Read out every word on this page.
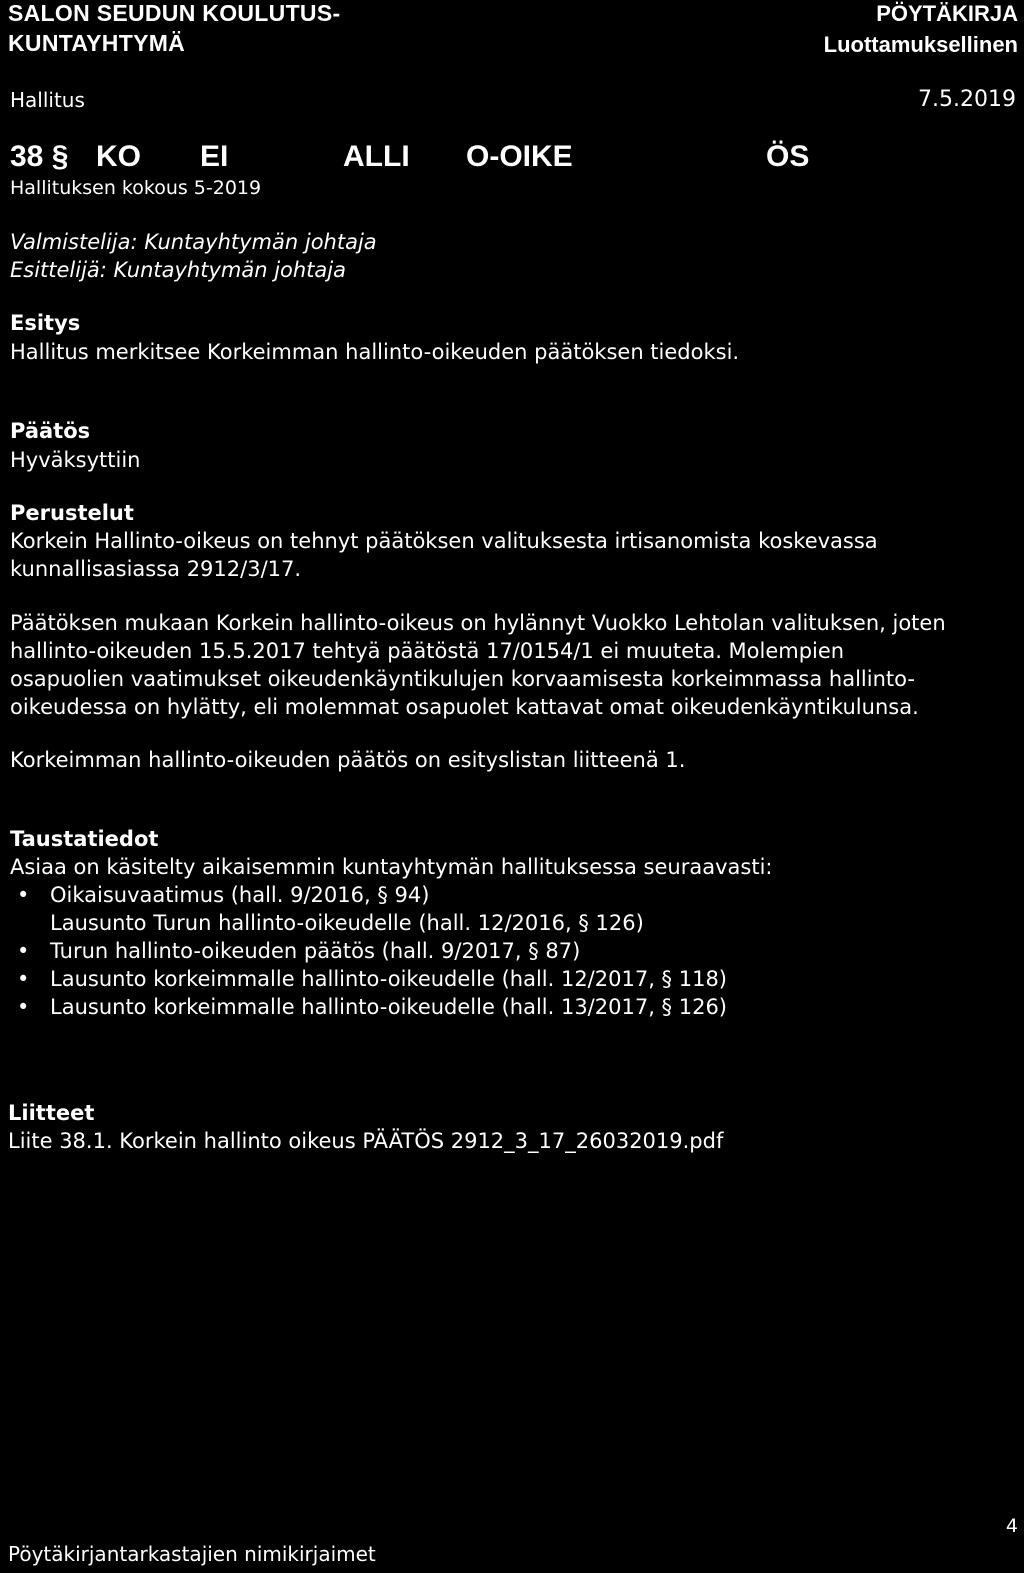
SALON SEUDUN KOULUTUS-
KUNTAYHTYMÄ
PÖYTÄKIRJA
Luottamuksellinen
Hallitus	7.5.2019
38 § KO EI	ALLI O-OIKE	ÖS
Hallituksen kokous 5-2019
Valmistelija: Kuntayhtymän johtaja
Esittelijä: Kuntayhtymän johtaja
Esitys
Hallitus merkitsee Korkeimman hallinto-oikeuden päätöksen tiedoksi.
Päätös
Hyväksyttiin
Perustelut
Korkein Hallinto-oikeus on tehnyt päätöksen valituksesta irtisanomista koskevassa
kunnallisasiassa 2912/3/17.
Päätöksen mukaan Korkein hallinto-oikeus on hylännyt Vuokko Lehtolan valituksen, joten
hallinto-oikeuden 15.5.2017 tehtyä päätöstä 17/0154/1 ei muuteta. Molempien
osapuolien vaatimukset oikeudenkäyntikulujen korvaamisesta korkeimmassa hallinto-
oikeudessa on hylätty, eli molemmat osapuolet kattavat omat oikeudenkäyntikulunsa.
Korkeimman hallinto-oikeuden päätös on esityslistan liitteenä 1.
Taustatiedot
Asiaa on käsitelty aikaisemmin kuntayhtymän hallituksessa seuraavasti:
• Oikaisuvaatimus (hall. 9/2016, § 94)
Lausunto Turun hallinto-oikeudelle (hall. 12/2016, § 126)
• Turun hallinto-oikeuden päätös (hall. 9/2017, § 87)
• Lausunto korkeimmalle hallinto-oikeudelle (hall. 12/2017, § 118)
• Lausunto korkeimmalle hallinto-oikeudelle (hall. 13/2017, § 126)
Liitteet
Liite 38.1. Korkein hallinto oikeus PÄÄTÖS 2912_3_17_26032019.pdf
Pöytäkirjantarkastajien nimikirjaimet
4
